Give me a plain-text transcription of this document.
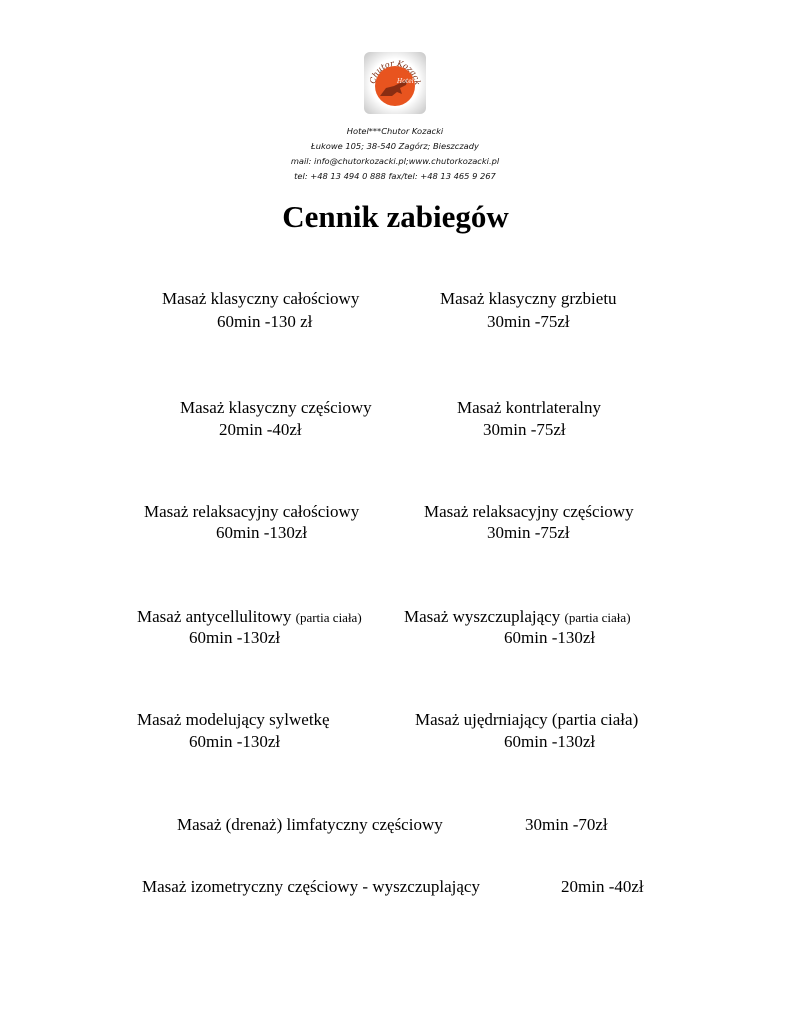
Chutor Kozack
Hotel
Hotel***Chutor Kozacki
Łukowe 105; 38-540 Zagórz; Bieszczady
mail: info@chutorkozacki.pl;www.chutorkozacki.pl
tel: +48 13 494 0 888 fax/tel: +48 13 465 9 267
Cennik zabiegów
Masaż klasyczny całościowy
60min -130 zł
Masaż klasyczny grzbietu
30min -75zł
Masaż klasyczny częściowy
20min -40zł
Masaż kontrlateralny
30min -75zł
Masaż relaksacyjny całościowy
60min -130zł
Masaż relaksacyjny częściowy
30min -75zł
Masaż antycellulitowy (partia ciała)
60min -130zł
Masaż wyszczuplający (partia ciała)
60min -130zł
Masaż modelujący sylwetkę
60min -130zł
Masaż ujędrniający (partia ciała)
60min -130zł
Masaż (drenaż) limfatyczny częściowy	30min -70zł
Masaż izometryczny częściowy - wyszczuplający	20min -40zł
